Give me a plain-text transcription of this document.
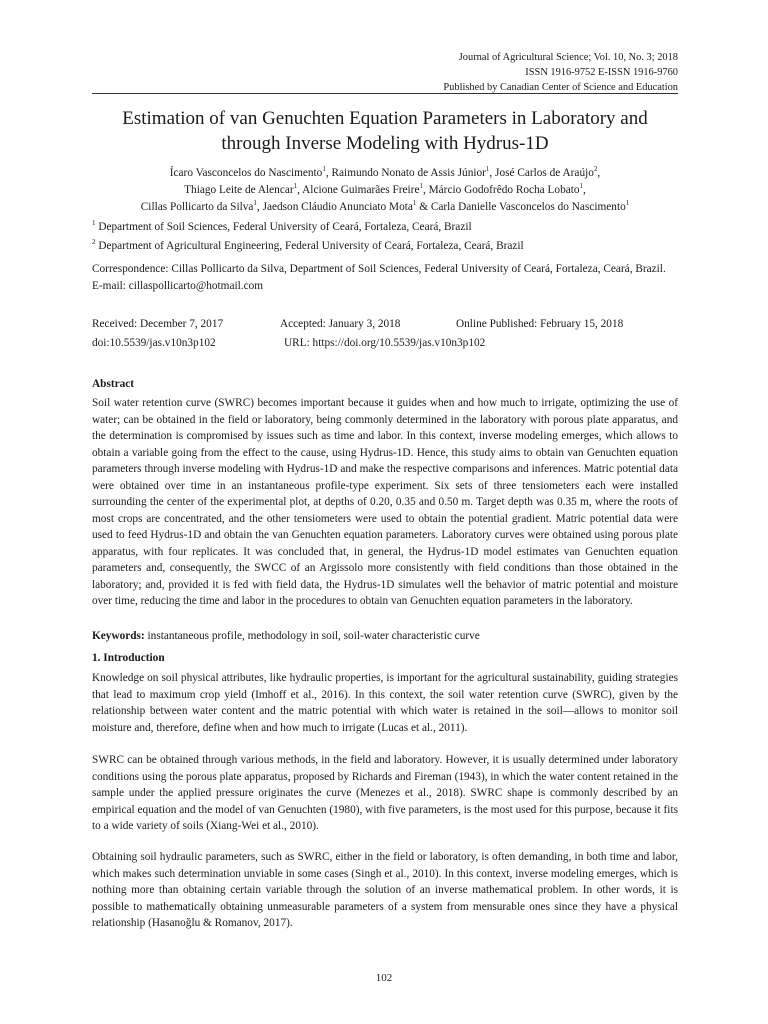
Journal of Agricultural Science; Vol. 10, No. 3; 2018
ISSN 1916-9752 E-ISSN 1916-9760
Published by Canadian Center of Science and Education
Estimation of van Genuchten Equation Parameters in Laboratory and
through Inverse Modeling with Hydrus-1D
Ícaro Vasconcelos do Nascimento$^1$, Raimundo Nonato de Assis Júnior$^1$, José Carlos de Araújo$^2$,
Thiago Leite de Alencar$^1$, Alcione Guimarães Freire$^1$, Márcio Godofrêdo Rocha Lobato$^1$,
Cillas Pollicarto da Silva$^1$, Jaedson Cláudio Anunciato Mota$^1$ & Carla Danielle Vasconcelos do Nascimento$^1$
$^1$ Department of Soil Sciences, Federal University of Ceará, Fortaleza, Ceará, Brazil
$^2$ Department of Agricultural Engineering, Federal University of Ceará, Fortaleza, Ceará, Brazil
Correspondence: Cillas Pollicarto da Silva, Department of Soil Sciences, Federal University of Ceará, Fortaleza, Ceará, Brazil. E-mail: cillaspollicarto@hotmail.com
Received: December 7, 2017	Accepted: January 3, 2018	Online Published: February 15, 2018
doi:10.5539/jas.v10n3p102	URL: https://doi.org/10.5539/jas.v10n3p102
Abstract
Soil water retention curve (SWRC) becomes important because it guides when and how much to irrigate, optimizing the use of water; can be obtained in the field or laboratory, being commonly determined in the laboratory with porous plate apparatus, and the determination is compromised by issues such as time and labor. In this context, inverse modeling emerges, which allows to obtain a variable going from the effect to the cause, using Hydrus-1D. Hence, this study aims to obtain van Genuchten equation parameters through inverse modeling with Hydrus-1D and make the respective comparisons and inferences. Matric potential data were obtained over time in an instantaneous profile-type experiment. Six sets of three tensiometers each were installed surrounding the center of the experimental plot, at depths of 0.20, 0.35 and 0.50 m. Target depth was 0.35 m, where the roots of most crops are concentrated, and the other tensiometers were used to obtain the potential gradient. Matric potential data were used to feed Hydrus-1D and obtain the van Genuchten equation parameters. Laboratory curves were obtained using porous plate apparatus, with four replicates. It was concluded that, in general, the Hydrus-1D model estimates van Genuchten equation parameters and, consequently, the SWCC of an Argissolo more consistently with field conditions than those obtained in the laboratory; and, provided it is fed with field data, the Hydrus-1D simulates well the behavior of matric potential and moisture over time, reducing the time and labor in the procedures to obtain van Genuchten equation parameters in the laboratory.
Keywords: instantaneous profile, methodology in soil, soil-water characteristic curve
1. Introduction
Knowledge on soil physical attributes, like hydraulic properties, is important for the agricultural sustainability, guiding strategies that lead to maximum crop yield (Imhoff et al., 2016). In this context, the soil water retention curve (SWRC), given by the relationship between water content and the matric potential with which water is retained in the soil—allows to monitor soil moisture and, therefore, define when and how much to irrigate (Lucas et al., 2011).
SWRC can be obtained through various methods, in the field and laboratory. However, it is usually determined under laboratory conditions using the porous plate apparatus, proposed by Richards and Fireman (1943), in which the water content retained in the sample under the applied pressure originates the curve (Menezes et al., 2018). SWRC shape is commonly described by an empirical equation and the model of van Genuchten (1980), with five parameters, is the most used for this purpose, because it fits to a wide variety of soils (Xiang-Wei et al., 2010).
Obtaining soil hydraulic parameters, such as SWRC, either in the field or laboratory, is often demanding, in both time and labor, which makes such determination unviable in some cases (Singh et al., 2010). In this context, inverse modeling emerges, which is nothing more than obtaining certain variable through the solution of an inverse mathematical problem. In other words, it is possible to mathematically obtaining unmeasurable parameters of a system from mensurable ones since they have a physical relationship (Hasanoğlu & Romanov, 2017).
102
